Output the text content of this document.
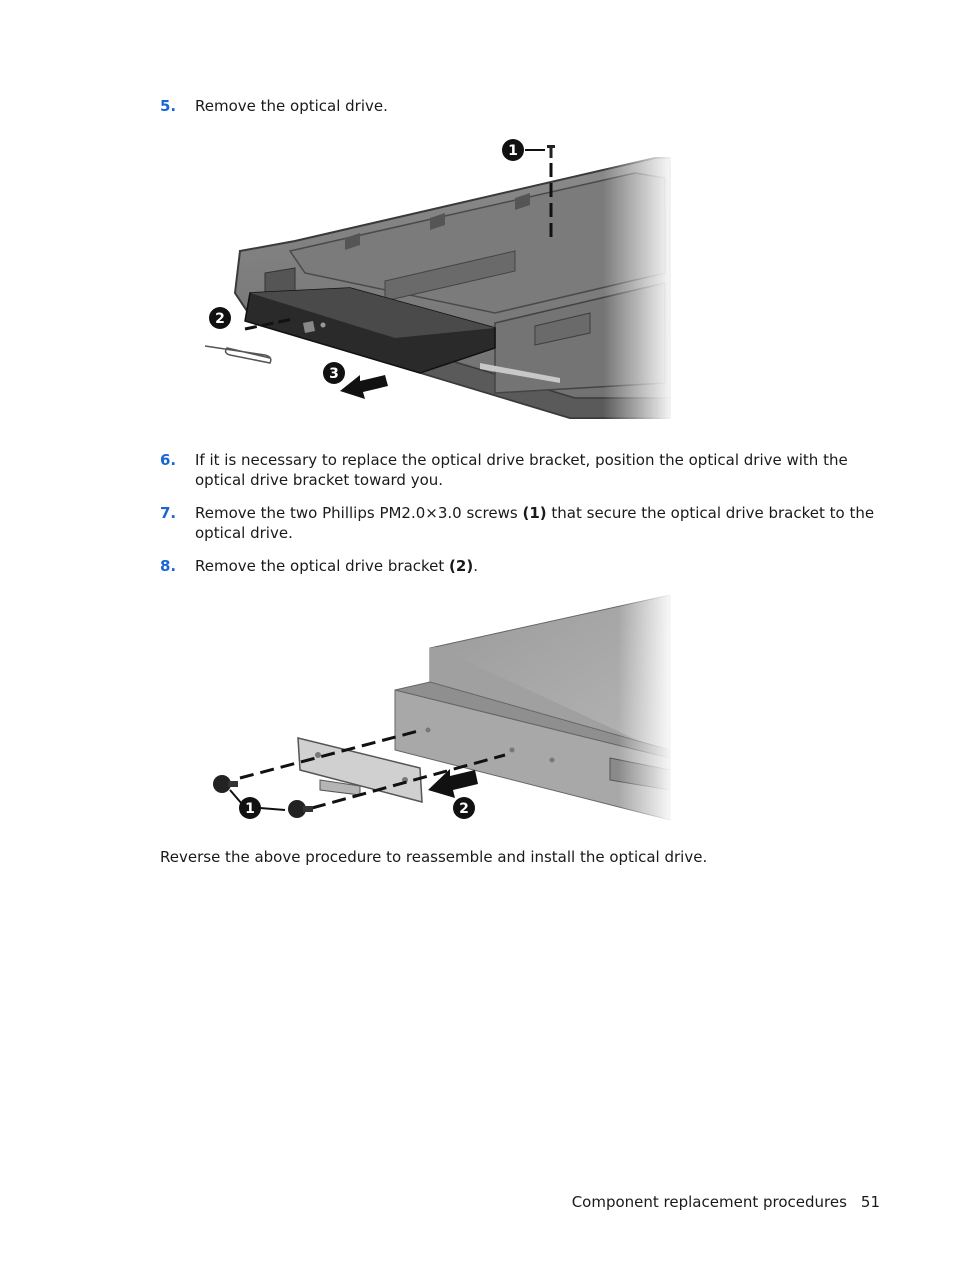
5. Remove the optical drive.
6. If it is necessary to replace the optical drive bracket, position the optical drive with the optical drive bracket toward you.
7. Remove the two Phillips PM2.0×3.0 screws (1) that secure the optical drive bracket to the optical drive.
8. Remove the optical drive bracket (2).
Reverse the above procedure to reassemble and install the optical drive.
Component replacement procedures 51
